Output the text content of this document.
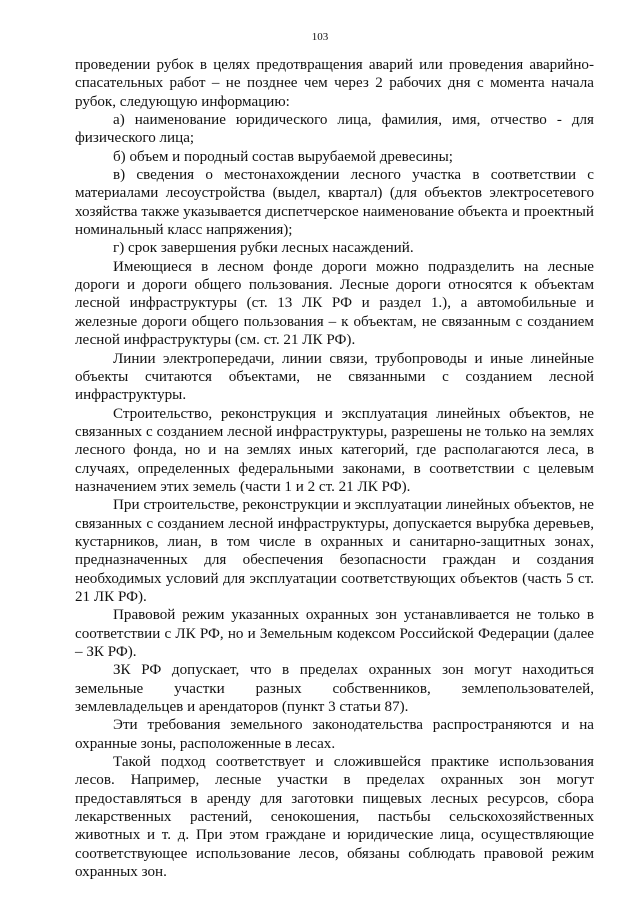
103

проведении рубок в целях предотвращения аварий или проведения аварийно-спасательных работ – не позднее чем через 2 рабочих дня с момента начала рубок, следующую информацию:

а) наименование юридического лица, фамилия, имя, отчество - для физического лица;

б) объем и породный состав вырубаемой древесины;

в) сведения о местонахождении лесного участка в соответствии с материалами лесоустройства (выдел, квартал) (для объектов электросетевого хозяйства также указывается диспетчерское наименование объекта и проектный номинальный класс напряжения);

г) срок завершения рубки лесных насаждений.

Имеющиеся в лесном фонде дороги можно подразделить на лесные дороги и дороги общего пользования. Лесные дороги относятся к объектам лесной инфраструктуры (ст. 13 ЛК РФ и раздел 1.), а автомобильные и железные дороги общего пользования – к объектам, не связанным с созданием лесной инфраструктуры (см. ст. 21 ЛК РФ).

Линии электропередачи, линии связи, трубопроводы и иные линейные объекты считаются объектами, не связанными с созданием лесной инфраструктуры.

Строительство, реконструкция и эксплуатация линейных объектов, не связанных с созданием лесной инфраструктуры, разрешены не только на землях лесного фонда, но и на землях иных категорий, где располагаются леса, в случаях, определенных федеральными законами, в соответствии с целевым назначением этих земель (части 1 и 2 ст. 21 ЛК РФ).

При строительстве, реконструкции и эксплуатации линейных объектов, не связанных с созданием лесной инфраструктуры, допускается вырубка деревьев, кустарников, лиан, в том числе в охранных и санитарно-защитных зонах, предназначенных для обеспечения безопасности граждан и создания необходимых условий для эксплуатации соответствующих объектов (часть 5 ст. 21 ЛК РФ).

Правовой режим указанных охранных зон устанавливается не только в соответствии с ЛК РФ, но и Земельным кодексом Российской Федерации (далее – ЗК РФ).

ЗК РФ допускает, что в пределах охранных зон могут находиться земельные участки разных собственников, землепользователей, землевладельцев и арендаторов (пункт 3 статьи 87).

Эти требования земельного законодательства распространяются и на охранные зоны, расположенные в лесах.

Такой подход соответствует и сложившейся практике использования лесов. Например, лесные участки в пределах охранных зон могут предоставляться в аренду для заготовки пищевых лесных ресурсов, сбора лекарственных растений, сенокошения, пастьбы сельскохозяйственных животных и т. д. При этом граждане и юридические лица, осуществляющие соответствующее использование лесов, обязаны соблюдать правовой режим охранных зон.
